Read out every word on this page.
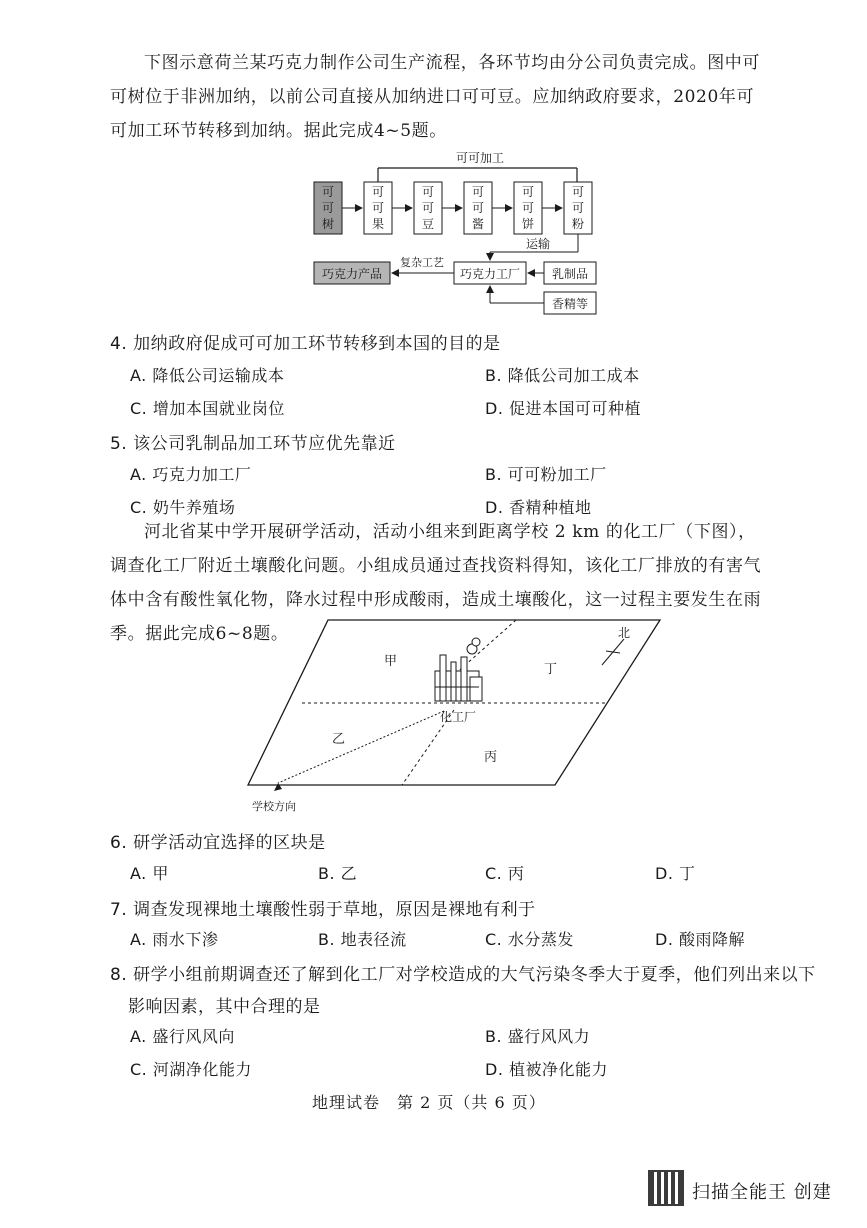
下图示意荷兰某巧克力制作公司生产流程，各环节均由分公司负责完成。图中可可树位于非洲加纳，以前公司直接从加纳进口可可豆。应加纳政府要求，2020年可可加工环节转移到加纳。据此完成4~5题。

可可加工
可
可
树
可
可
果
可
可
豆
可
可
酱
可
可
饼
可
可
粉
运输
巧克力工厂
巧克力产品
复杂工艺
乳制品
香精等
4. 加纳政府促成可可加工环节转移到本国的目的是
A. 降低公司运输成本	B. 降低公司加工成本
C. 增加本国就业岗位	D. 促进本国可可种植
5. 该公司乳制品加工环节应优先靠近
A. 巧克力加工厂	B. 可可粉加工厂
C. 奶牛养殖场	D. 香精种植地

河北省某中学开展研学活动，活动小组来到距离学校 2 km 的化工厂（下图），调查化工厂附近土壤酸化问题。小组成员通过查找资料得知，该化工厂排放的有害气体中含有酸性氧化物，降水过程中形成酸雨，造成土壤酸化，这一过程主要发生在雨季。据此完成6~8题。

甲
丁
乙
丙
化工厂
北
学校方向
6. 研学活动宜选择的区块是
A. 甲	B. 乙	C. 丙	D. 丁
7. 调查发现裸地土壤酸性弱于草地，原因是裸地有利于
A. 雨水下渗	B. 地表径流	C. 水分蒸发	D. 酸雨降解
8. 研学小组前期调查还了解到化工厂对学校造成的大气污染冬季大于夏季，他们列出来以下
影响因素，其中合理的是
A. 盛行风风向	B. 盛行风风力
C. 河湖净化能力	D. 植被净化能力
地理试卷　第 2 页（共 6 页）
扫描全能王 创建
